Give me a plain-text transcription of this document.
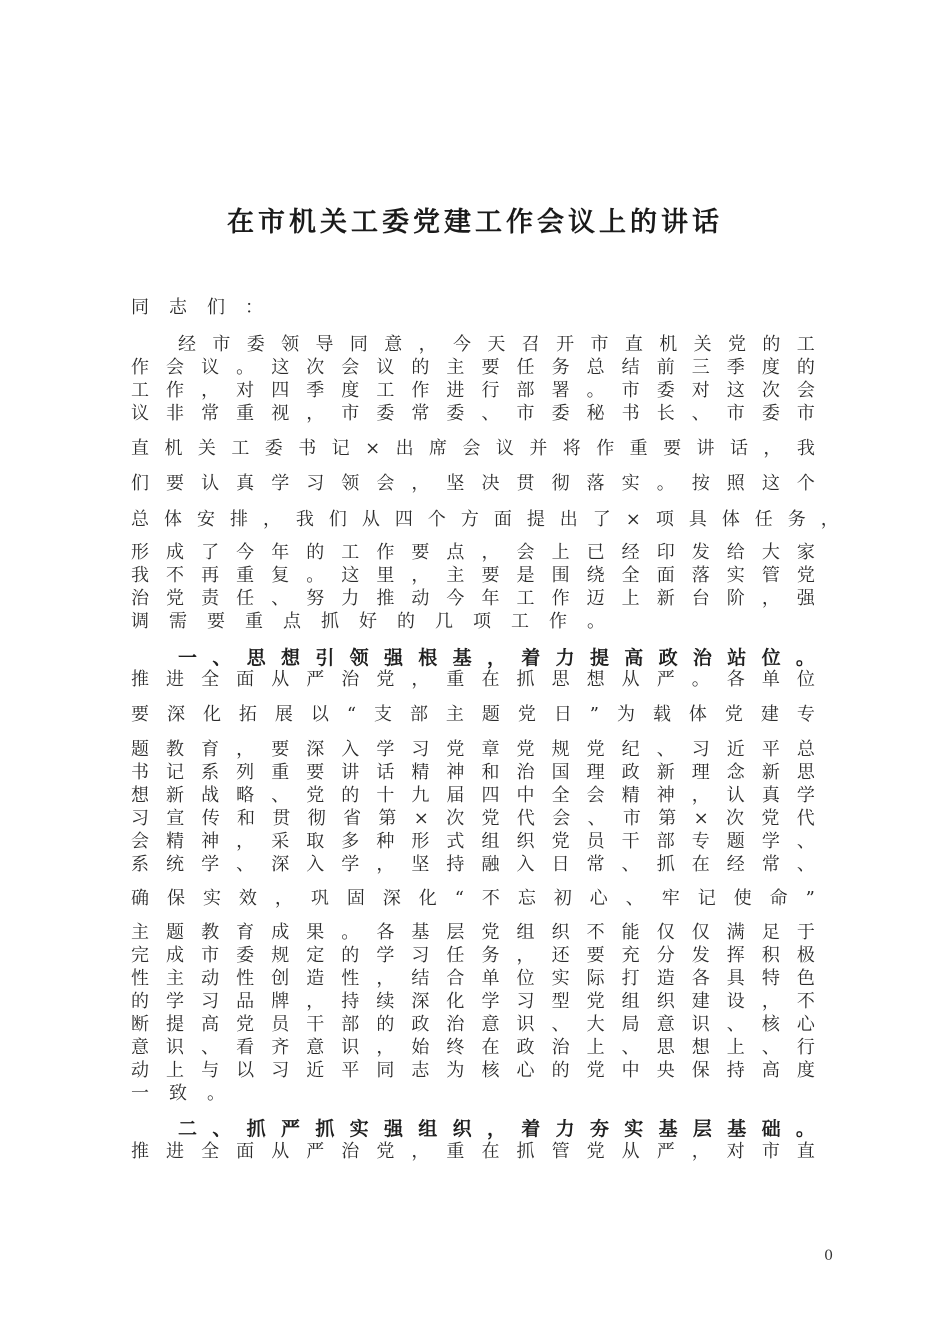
在市机关工委党建工作会议上的讲话
同 志 们 ：
经 市 委 领 导 同 意 ， 今 天 召 开 市 直 机 关 党 的 工
作 会 议 。 这 次 会 议 的 主 要 任 务 总 结 前 三 季 度 的
工 作 ， 对 四 季 度 工 作 进 行 部 署 。 市 委 对 这 次 会
议 非 常 重 视 ， 市 委 常 委 、 市 委 秘 书 长 、 市 委 市
直 机 关 工 委 书 记 × 出 席 会 议 并 将 作 重 要 讲 话 ， 我
们 要 认 真 学 习 领 会 ， 坚 决 贯 彻 落 实 。 按 照 这 个
总 体 安 排 ， 我 们 从 四 个 方 面 提 出 了 × 项 具 体 任 务 ，
形 成 了 今 年 的 工 作 要 点 ， 会 上 已 经 印 发 给 大 家
我 不 再 重 复 。 这 里 ， 主 要 是 围 绕 全 面 落 实 管 党
治 党 责 任 、 努 力 推 动 今 年 工 作 迈 上 新 台 阶 ， 强
调 需 要 重 点 抓 好 的 几 项 工 作 。
一 、 思 想 引 领 强 根 基 ， 着 力 提 高 政 治 站 位 。
推 进 全 面 从 严 治 党 ， 重 在 抓 思 想 从 严 。 各 单 位
要 深 化 拓 展 以 “ 支 部 主 题 党 日 ” 为 载 体 党 建 专
题 教 育 ， 要 深 入 学 习 党 章 党 规 党 纪 、 习 近 平 总
书 记 系 列 重 要 讲 话 精 神 和 治 国 理 政 新 理 念 新 思
想 新 战 略 、 党 的 十 九 届 四 中 全 会 精 神 ， 认 真 学
习 宣 传 和 贯 彻 省 第 × 次 党 代 会 、 市 第 × 次 党 代
会 精 神 ， 采 取 多 种 形 式 组 织 党 员 干 部 专 题 学 、
系 统 学 、 深 入 学 ， 坚 持 融 入 日 常 、 抓 在 经 常 、
确 保 实 效 ， 巩 固 深 化 “ 不 忘 初 心 、 牢 记 使 命 ”
主 题 教 育 成 果 。 各 基 层 党 组 织 不 能 仅 仅 满 足 于
完 成 市 委 规 定 的 学 习 任 务 ， 还 要 充 分 发 挥 积 极
性 主 动 性 创 造 性 ， 结 合 单 位 实 际 打 造 各 具 特 色
的 学 习 品 牌 ， 持 续 深 化 学 习 型 党 组 织 建 设 ， 不
断 提 高 党 员 干 部 的 政 治 意 识 、 大 局 意 识 、 核 心
意 识 、 看 齐 意 识 ， 始 终 在 政 治 上 、 思 想 上 、 行
动 上 与 以 习 近 平 同 志 为 核 心 的 党 中 央 保 持 高 度
一 致 。
二 、 抓 严 抓 实 强 组 织 ， 着 力 夯 实 基 层 基 础 。
推 进 全 面 从 严 治 党 ， 重 在 抓 管 党 从 严 ， 对 市 直
0
